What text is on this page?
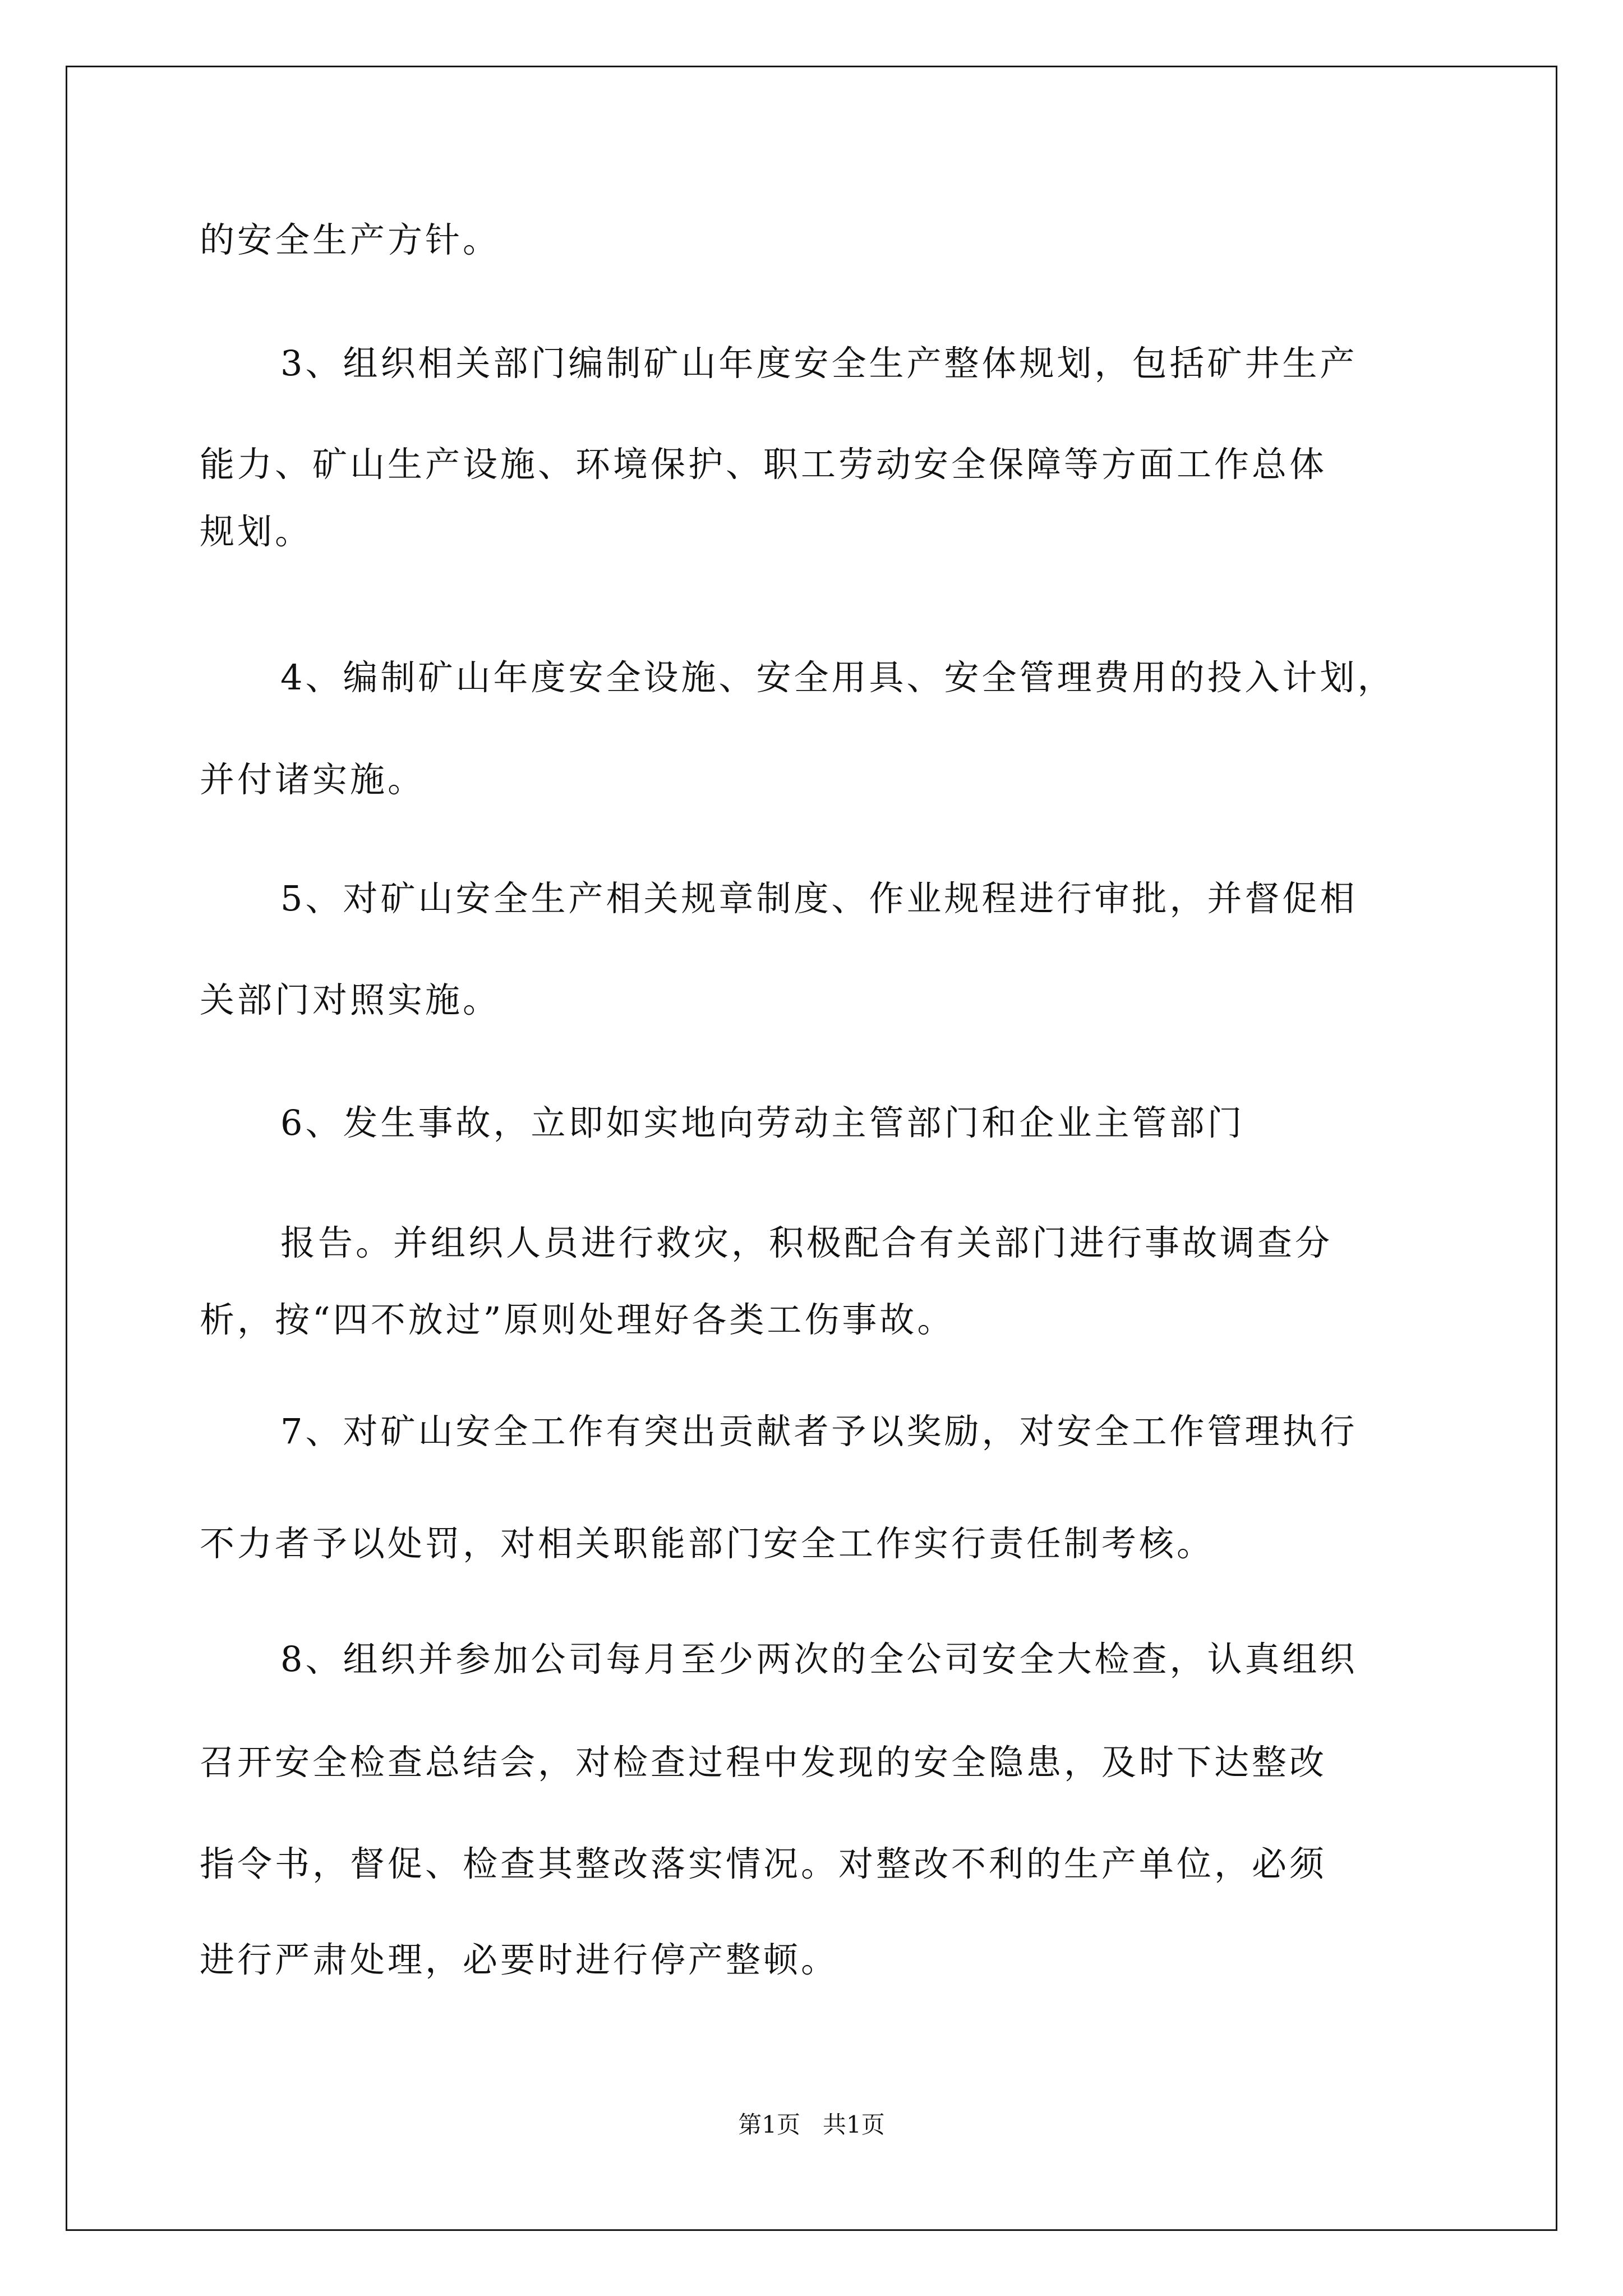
的安全生产方针。
3、组织相关部门编制矿山年度安全生产整体规划，包括矿井生产
能力、矿山生产设施、环境保护、职工劳动安全保障等方面工作总体
规划。
4、编制矿山年度安全设施、安全用具、安全管理费用的投入计划，
并付诸实施。
5、对矿山安全生产相关规章制度、作业规程进行审批，并督促相
关部门对照实施。
6、发生事故，立即如实地向劳动主管部门和企业主管部门
报告。并组织人员进行救灾，积极配合有关部门进行事故调查分
析，按“四不放过”原则处理好各类工伤事故。
7、对矿山安全工作有突出贡献者予以奖励，对安全工作管理执行
不力者予以处罚，对相关职能部门安全工作实行责任制考核。
8、组织并参加公司每月至少两次的全公司安全大检查，认真组织
召开安全检查总结会，对检查过程中发现的安全隐患，及时下达整改
指令书，督促、检查其整改落实情况。对整改不利的生产单位，必须
进行严肃处理，必要时进行停产整顿。
第1页   共1页
